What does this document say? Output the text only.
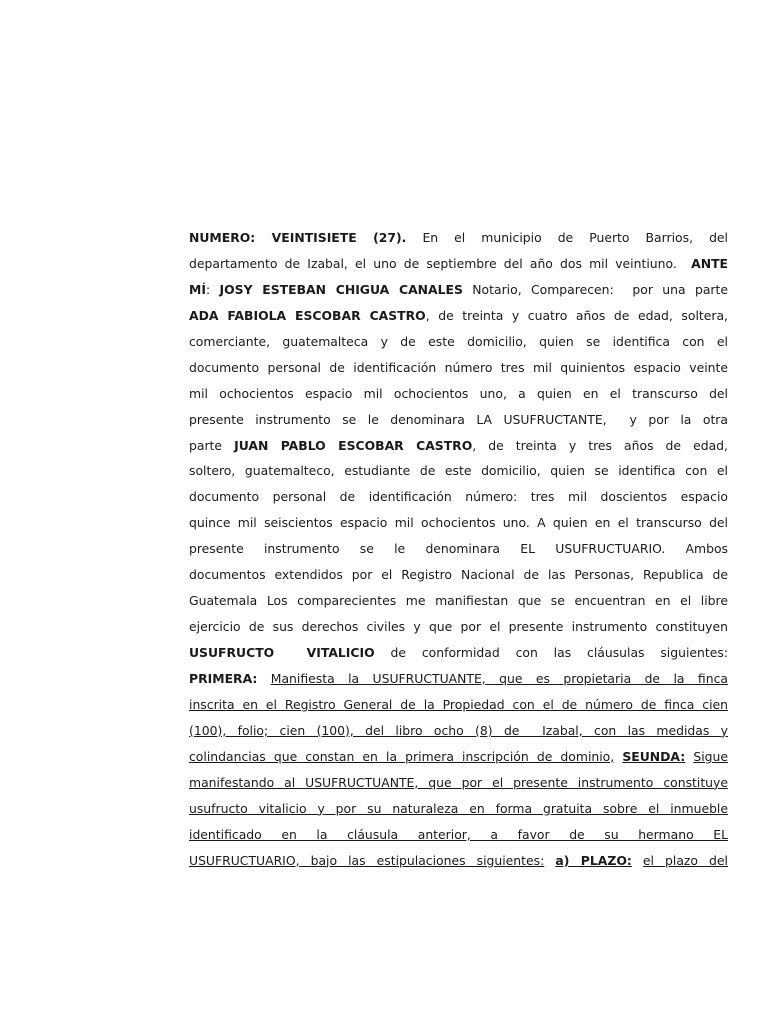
NUMERO: VEINTISIETE (27). En el municipio de Puerto Barrios, del
departamento de Izabal, el uno de septiembre del año dos mil veintiuno.  ANTE
MÍ: JOSY ESTEBAN CHIGUA CANALES Notario, Comparecen:  por una parte
ADA FABIOLA ESCOBAR CASTRO, de treinta y cuatro años de edad, soltera,
comerciante, guatemalteca y de este domicilio, quien se identifica con el
documento personal de identificación número tres mil quinientos espacio veinte
mil ochocientos espacio mil ochocientos uno, a quien en el transcurso del
presente instrumento se le denominara LA USUFRUCTANTE,  y por la otra
parte JUAN PABLO ESCOBAR CASTRO, de treinta y tres años de edad,
soltero, guatemalteco, estudiante de este domicilio, quien se identifica con el
documento personal de identificación número: tres mil doscientos espacio
quince mil seiscientos espacio mil ochocientos uno. A quien en el transcurso del
presente instrumento se le denominara EL USUFRUCTUARIO. Ambos
documentos extendidos por el Registro Nacional de las Personas, Republica de
Guatemala Los comparecientes me manifiestan que se encuentran en el libre
ejercicio de sus derechos civiles y que por el presente instrumento constituyen
USUFRUCTO  VITALICIO de conformidad con las cláusulas siguientes:
PRIMERA: Manifiesta la USUFRUCTUANTE, que es propietaria de la finca
inscrita en el Registro General de la Propiedad con el de número de finca cien
(100), folio; cien (100), del libro ocho (8) de  Izabal, con las medidas y
colindancias que constan en la primera inscripción de dominio, SEUNDA: Sigue
manifestando al USUFRUCTUANTE, que por el presente instrumento constituye
usufructo vitalicio y por su naturaleza en forma gratuita sobre el inmueble
identificado en la cláusula anterior, a favor de su hermano EL
USUFRUCTUARIO, bajo las estipulaciones siguientes: a) PLAZO: el plazo del
